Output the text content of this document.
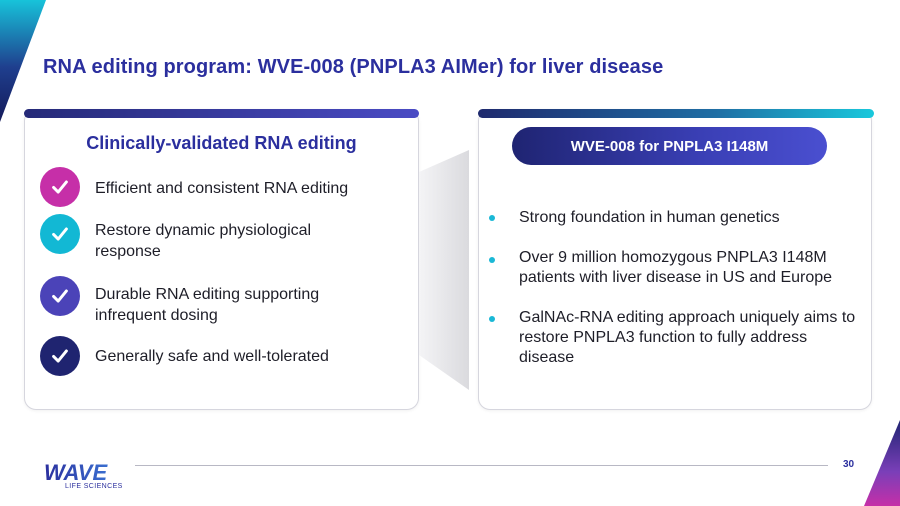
RNA editing program: WVE-008 (PNPLA3 AIMer) for liver disease
Clinically-validated RNA editing
Efficient and consistent RNA editing
Restore dynamic physiological response
Durable RNA editing supporting infrequent dosing
Generally safe and well-tolerated
WVE-008 for PNPLA3 I148M
Strong foundation in human genetics
Over 9 million homozygous PNPLA3 I148M patients with liver disease in US and Europe
GalNAc-RNA editing approach uniquely aims to restore PNPLA3 function to fully address disease
WAVE
LIFE SCIENCES
30
